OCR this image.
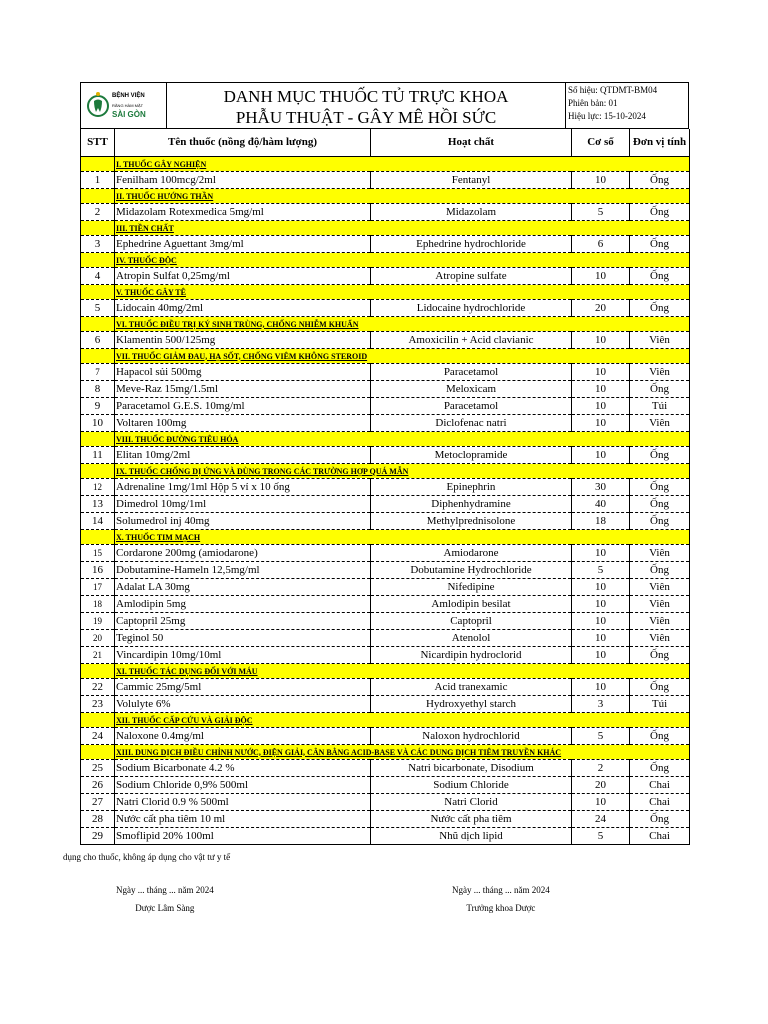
BỆNH VIỆN
RĂNG HÀM MẶT
SÀI GÒN
DANH MỤC THUỐC TỦ TRỰC KHOA
PHẪU THUẬT - GÂY MÊ HỒI SỨC
Số hiệu: QTDMT-BM04
Phiên bản: 01
Hiệu lực: 15-10-2024
STT	Tên thuốc (nồng độ/hàm lượng)	Hoạt chất	Cơ số	Đơn vị tính
	I. THUỐC GÂY NGHIỆN			
1	Fenilham 100mcg/2ml	Fentanyl	10	Ống
	II. THUỐC HƯỚNG THẦN			
2	Midazolam Rotexmedica 5mg/ml	Midazolam	5	Ống
	III. TIỀN CHẤT			
3	Ephedrine Aguettant 3mg/ml	Ephedrine hydrochloride	6	Ống
	IV. THUỐC ĐỘC			
4	Atropin Sulfat 0,25mg/ml	Atropine sulfate	10	Ống
	V. THUỐC GÂY TÊ			
5	Lidocain 40mg/2ml	Lidocaine hydrochloride	20	Ống
	VI. THUỐC ĐIỀU TRỊ KÝ SINH TRÙNG, CHỐNG NHIỄM KHUẨN			
6	Klamentin 500/125mg	Amoxicilin + Acid clavianic	10	Viên
	VII. THUỐC GIẢM ĐAU, HẠ SỐT, CHỐNG VIÊM KHÔNG STEROID			
7	Hapacol sủi 500mg	Paracetamol	10	Viên
8	Meve-Raz 15mg/1.5ml	Meloxicam	10	Ống
9	Paracetamol G.E.S. 10mg/ml	Paracetamol	10	Túi
10	Voltaren 100mg	Diclofenac natri	10	Viên
	VIII. THUỐC ĐƯỜNG TIÊU HÓA			
11	Elitan 10mg/2ml	Metoclopramide	10	Ống
	IX. THUỐC CHỐNG DỊ ỨNG VÀ DÙNG TRONG CÁC TRƯỜNG HỢP QUÁ MẪN			
12	Adrenaline 1mg/1ml Hộp 5 vỉ x 10 ống	Epinephrin	30	Ống
13	Dimedrol 10mg/1ml	Diphenhydramine	40	Ống
14	Solumedrol inj 40mg	Methylprednisolone	18	Ống
	X. THUỐC TIM MẠCH			
15	Cordarone 200mg (amiodarone)	Amiodarone	10	Viên
16	Dobutamine-Hameln 12,5mg/ml	Dobutamine Hydrochloride	5	Ống
17	Adalat LA 30mg	Nifedipine	10	Viên
18	Amlodipin 5mg	Amlodipin besilat	10	Viên
19	Captopril 25mg	Captopril	10	Viên
20	Teginol 50	Atenolol	10	Viên
21	Vincardipin 10mg/10ml	Nicardipin hydroclorid	10	Ống
	XI. THUỐC TÁC DỤNG ĐỐI VỚI MÁU			
22	Cammic 25mg/5ml	Acid tranexamic	10	Ống
23	Volulyte 6%	Hydroxyethyl starch	3	Túi
	XII. THUỐC CẤP CỨU VÀ GIẢI ĐỘC			
24	Naloxone 0.4mg/ml	Naloxon hydrochlorid	5	Ống
	XIII. DUNG DỊCH ĐIỀU CHỈNH NƯỚC, ĐIỆN GIẢI, CÂN BẰNG ACID-BASE VÀ CÁC DUNG DỊCH TIÊM TRUYỀN KHÁC			
25	Sodium Bicarbonate 4.2 %	Natri bicarbonate, Disodium	2	Ống
26	Sodium Chloride 0,9% 500ml	Sodium Chloride	20	Chai
27	Natri Clorid 0.9 % 500ml	Natri Clorid	10	Chai
28	Nước cất pha tiêm 10 ml	Nước cất pha tiêm	24	Ống
29	Smoflipid 20% 100ml	Nhũ dịch lipid	5	Chai
dụng cho thuốc, không áp dụng cho vật tư y tế
Ngày ... tháng ... năm 2024
Dược Lâm Sàng
Ngày ... tháng ... năm 2024
Trưởng khoa Dược
